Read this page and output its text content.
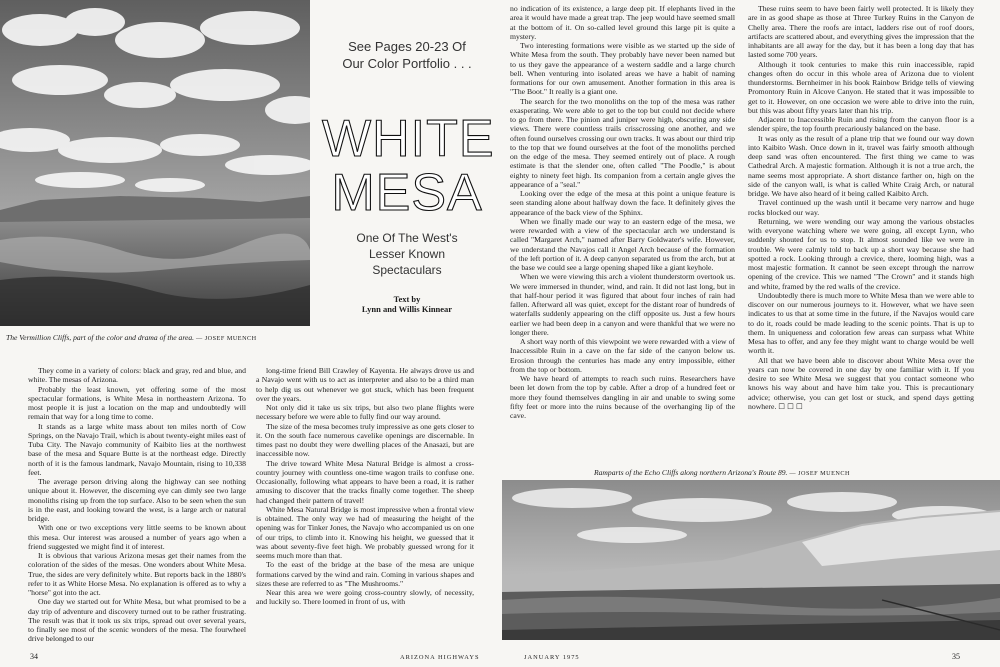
The Vermillion Cliffs, part of the color and drama of the area. — JOSEF MUENCH
See Pages 20-23 Of
Our Color Portfolio . . .
WHITE
MESA
One Of The West's
Lesser Known
Spectaculars
Text by
Lynn and Willis Kinnear

They come in a variety of colors: black and gray, red and blue, and white. The mesas of Arizona.

Probably the least known, yet offering some of the most spectacular formations, is White Mesa in northeastern Arizona. To most people it is just a location on the map and undoubtedly will remain that way for a long time to come.

It stands as a large white mass about ten miles north of Cow Springs, on the Navajo Trail, which is about twenty-eight miles east of Tuba City. The Navajo community of Kaibito lies at the northwest base of the mesa and Square Butte is at the northeast edge. Directly north of it is the famous landmark, Navajo Mountain, rising to 10,338 feet.

The average person driving along the highway can see nothing unique about it. However, the discerning eye can dimly see two large monoliths rising up from the top surface. Also to be seen when the sun is in the east, and looking toward the west, is a large arch or natural bridge.

With one or two exceptions very little seems to be known about this mesa. Our interest was aroused a number of years ago when a friend suggested we might find it of interest.

It is obvious that various Arizona mesas get their names from the coloration of the sides of the mesas. One wonders about White Mesa. True, the sides are very definitely white. But reports back in the 1880's refer to it as White Horse Mesa. No explanation is offered as to why a "horse" got into the act.

One day we started out for White Mesa, but what promised to be a day trip of adventure and discovery turned out to be rather frustrating. The result was that it took us six trips, spread out over several years, to finally see most of the scenic wonders of the mesa. The fourwheel drive belonged to our

long-time friend Bill Crawley of Kayenta. He always drove us and a Navajo went with us to act as interpreter and also to be a third man to help dig us out whenever we got stuck, which has been frequent over the years.

Not only did it take us six trips, but also two plane flights were necessary before we were able to fully find our way around.

The size of the mesa becomes truly impressive as one gets closer to it. On the south face numerous cavelike openings are discernable. In times past no doubt they were dwelling places of the Anasazi, but are inaccessible now.

The drive toward White Mesa Natural Bridge is almost a cross-country journey with countless one-time wagon trails to confuse one. Occasionally, following what appears to have been a road, it is rather amusing to discover that the tracks finally come together. The sheep had changed their pattern of travel!

White Mesa Natural Bridge is most impressive when a frontal view is obtained. The only way we had of measuring the height of the opening was for Tinker Jones, the Navajo who accompanied us on one of our trips, to climb into it. Knowing his height, we guessed that it was about seventy-five feet high. We probably guessed wrong for it seems much more than that.

To the east of the bridge at the base of the mesa are unique formations carved by the wind and rain. Coming in various shapes and sizes these are referred to as "The Mushrooms."

Near this area we were going cross-country slowly, of necessity, and luckily so. There loomed in front of us, with

no indication of its existence, a large deep pit. If elephants lived in the area it would have made a great trap. The jeep would have seemed small at the bottom of it. On so-called level ground this large pit is quite a mystery.

Two interesting formations were visible as we started up the side of White Mesa from the south. They probably have never been named but to us they gave the appearance of a western saddle and a large church bell. When venturing into isolated areas we have a habit of naming formations for our own amusement. Another formation in this area is "The Boot." It really is a giant one.

The search for the two monoliths on the top of the mesa was rather exasperating. We were able to get to the top but could not decide where to go from there. The pinion and juniper were high, obscuring any side views. There were countless trails crisscrossing one another, and we often found ourselves crossing our own tracks. It was about our third trip to the top that we found ourselves at the foot of the monoliths perched on the edge of the mesa. They seemed entirely out of place. A rough estimate is that the slender one, often called "The Poodle," is about eighty to ninety feet high. Its companion from a certain angle gives the appearance of a "seal."

Looking over the edge of the mesa at this point a unique feature is seen standing alone about halfway down the face. It definitely gives the appearance of the back view of the Sphinx.

When we finally made our way to an eastern edge of the mesa, we were rewarded with a view of the spectacular arch we understand is called "Margaret Arch," named after Barry Goldwater's wife. However, we understand the Navajos call it Angel Arch because of the formation of the left portion of it. A deep canyon separated us from the arch, but at the base we could see a large opening shaped like a giant keyhole.

When we were viewing this arch a violent thunderstorm overtook us. We were immersed in thunder, wind, and rain. It did not last long, but in that half-hour period it was figured that about four inches of rain had fallen. Afterward all was quiet, except for the distant roar of hundreds of waterfalls suddenly appearing on the cliff opposite us. Just a few hours earlier we had been deep in a canyon and were thankful that we were no longer there.

A short way north of this viewpoint we were rewarded with a view of Inaccessible Ruin in a cave on the far side of the canyon below us. Erosion through the centuries has made any entry impossible, either from the top or bottom.

We have heard of attempts to reach such ruins. Researchers have been let down from the top by cable. After a drop of a hundred feet or more they found themselves dangling in air and unable to swing some fifty feet or more into the ruins because of the overhanging lip of the cave.

These ruins seem to have been fairly well protected. It is likely they are in as good shape as those at Three Turkey Ruins in the Canyon de Chelly area. There the roofs are intact, ladders rise out of roof doors, artifacts are scattered about, and everything gives the impression that the inhabitants are all away for the day, but it has been a long day that has lasted some 700 years.

Although it took centuries to make this ruin inaccessible, rapid changes often do occur in this whole area of Arizona due to violent thunderstorms. Bernheimer in his book Rainbow Bridge tells of viewing Promontory Ruin in Alcove Canyon. He stated that it was impossible to get to it. However, on one occasion we were able to drive into the ruin, but this was about fifty years later than his trip.

Adjacent to Inaccessible Ruin and rising from the canyon floor is a slender spire, the top fourth precariously balanced on the base.

It was only as the result of a plane trip that we found our way down into Kaibito Wash. Once down in it, travel was fairly smooth although deep sand was often encountered. The first thing we came to was Cathedral Arch. A majestic formation. Although it is not a true arch, the name seems most appropriate. A short distance farther on, high on the side of the canyon wall, is what is called White Craig Arch, or natural bridge. We have also heard of it being called Kaibito Arch.

Travel continued up the wash until it became very narrow and huge rocks blocked our way.

Returning, we were wending our way among the various obstacles with everyone watching where we were going, all except Lynn, who suddenly shouted for us to stop. It almost sounded like we were in trouble. We were calmly told to back up a short way because she had spotted a rock. Looking through a crevice, there, looming high, was a most majestic formation. It cannot be seen except through the narrow opening of the crevice. This we named "The Crown" and it stands high and white, framed by the red walls of the crevice.

Undoubtedly there is much more to White Mesa than we were able to discover on our numerous journeys to it. However, what we have seen indicates to us that at some time in the future, if the Navajos would care to do it, roads could be made leading to the scenic points. That is up to them. In uniqueness and coloration few areas can surpass what White Mesa has to offer, and any fee they might want to charge would be well worth it.

All that we have been able to discover about White Mesa over the years can now be covered in one day by one familiar with it. If you desire to see White Mesa we suggest that you contact someone who knows his way about and have him take you. This is precautionary advice; otherwise, you can get lost or stuck, and spend days getting nowhere. ☐ ☐ ☐

Ramparts of the Echo Cliffs along northern Arizona's Route 89. — JOSEF MUENCH
34	ARIZONA HIGHWAYS	JANUARY 1975	35
